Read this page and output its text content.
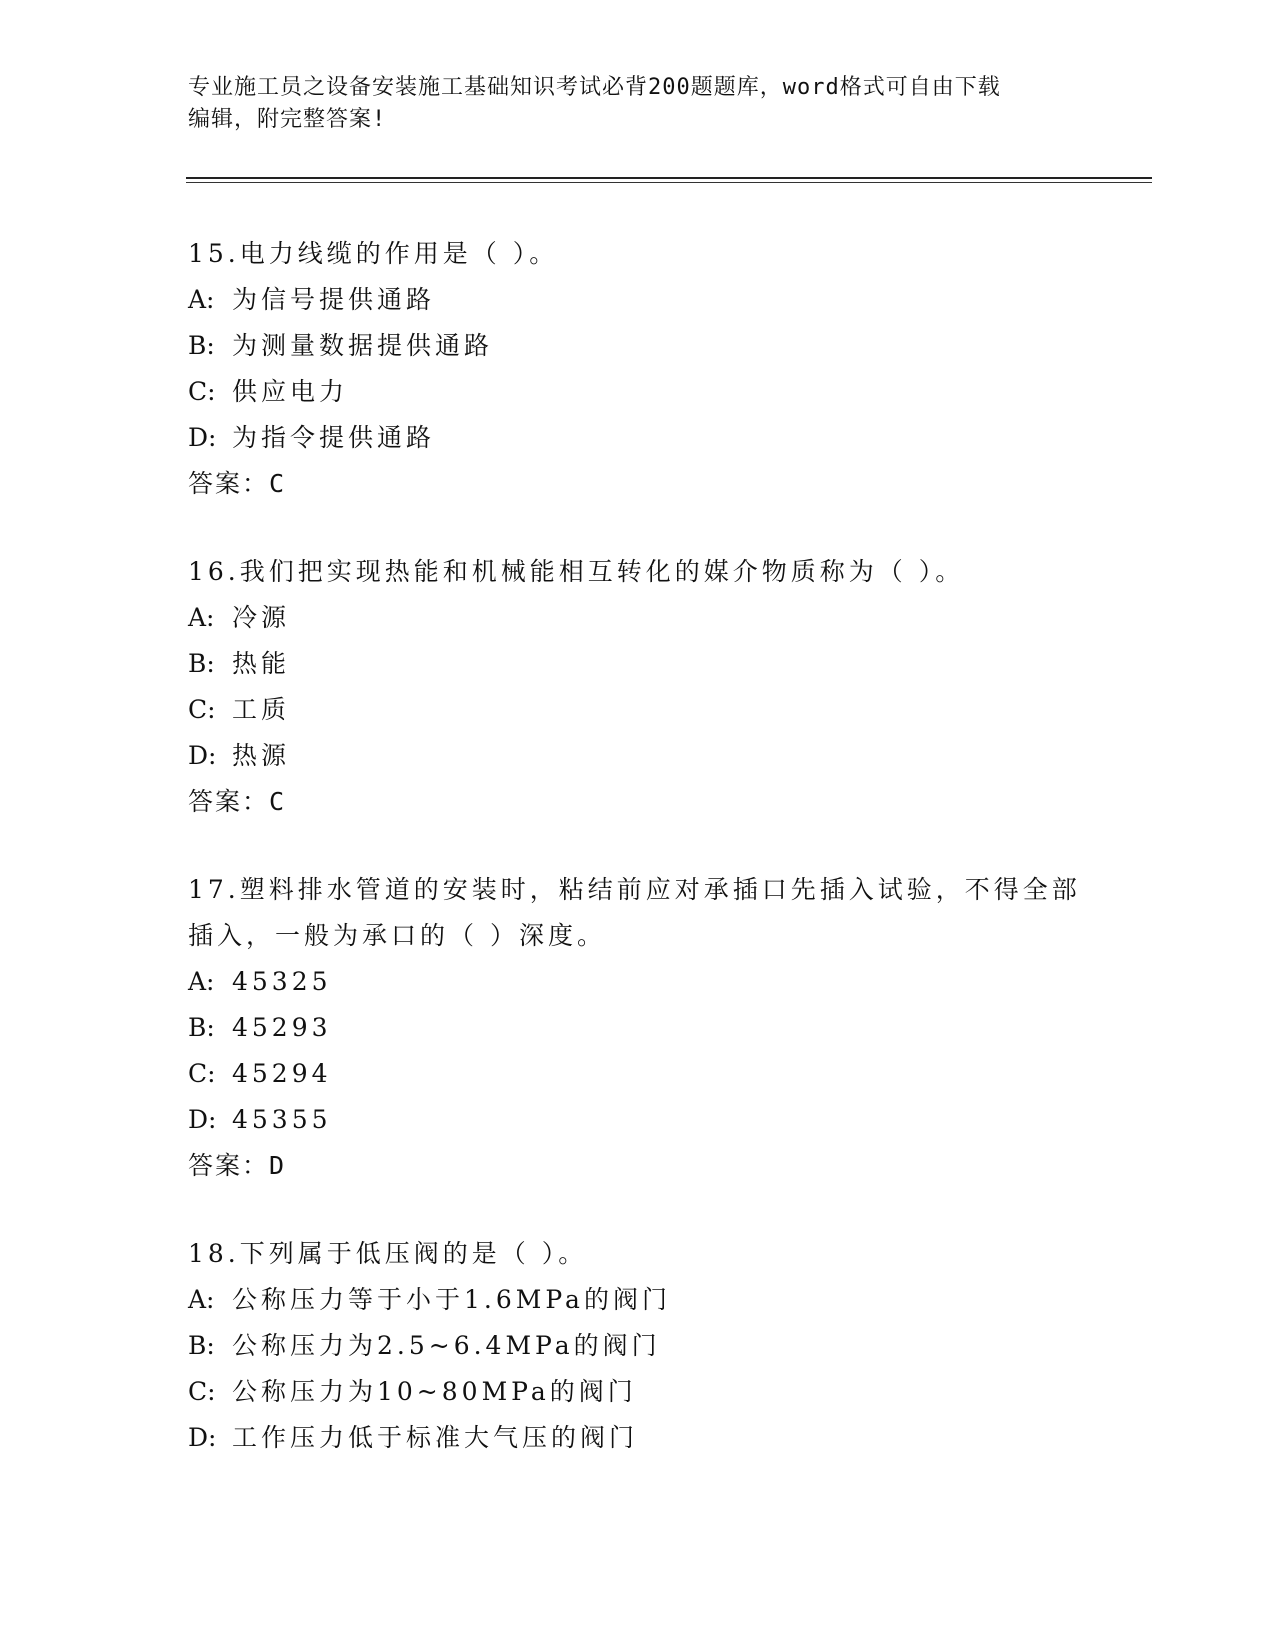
专业施工员之设备安装施工基础知识考试必背200题题库，word格式可自由下载
编辑，附完整答案!
15.电力线缆的作用是（ ）。
A: 为信号提供通路
B: 为测量数据提供通路
C: 供应电力
D: 为指令提供通路
答案：C
16.我们把实现热能和机械能相互转化的媒介物质称为（ ）。
A: 冷源
B: 热能
C: 工质
D: 热源
答案：C
17.塑料排水管道的安装时，粘结前应对承插口先插入试验，不得全部
插入，一般为承口的（ ）深度。
A: 45325
B: 45293
C: 45294
D: 45355
答案：D
18.下列属于低压阀的是（ ）。
A: 公称压力等于小于1.6MPa的阀门
B: 公称压力为2.5~6.4MPa的阀门
C: 公称压力为10~80MPa的阀门
D: 工作压力低于标准大气压的阀门
